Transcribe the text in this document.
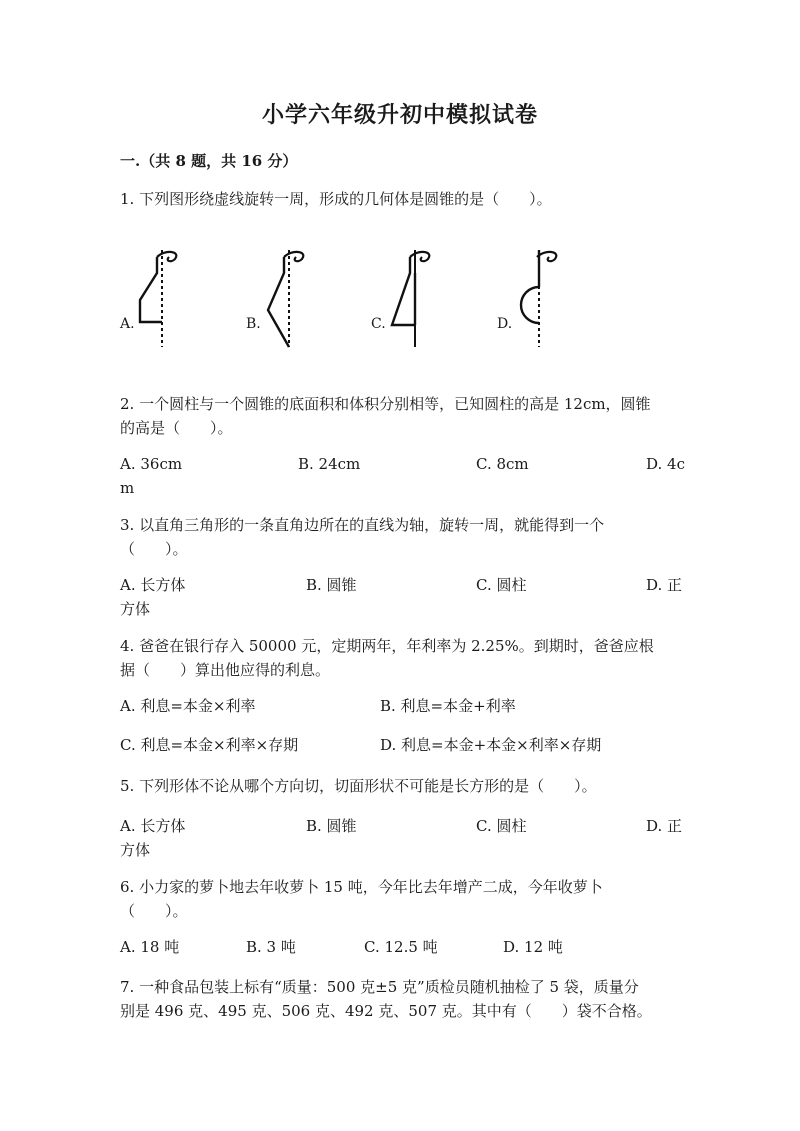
小学六年级升初中模拟试卷
一.（共 8 题，共 16 分）
1. 下列图形绕虚线旋转一周，形成的几何体是圆锥的是（　　）。
A.	B.	C.	D.
2. 一个圆柱与一个圆锥的底面积和体积分别相等，已知圆柱的高是 12cm，圆锥
的高是（　　）。
A. 36cm	B. 24cm	C. 8cm	D. 4c
m
3. 以直角三角形的一条直角边所在的直线为轴，旋转一周，就能得到一个
（　　）。
A. 长方体	B. 圆锥	C. 圆柱	D. 正
方体
4. 爸爸在银行存入 50000 元，定期两年，年利率为 2.25%。到期时，爸爸应根
据（　　）算出他应得的利息。
A. 利息=本金×利率	B. 利息=本金+利率
C. 利息=本金×利率×存期	D. 利息=本金+本金×利率×存期
5. 下列形体不论从哪个方向切，切面形状不可能是长方形的是（　　）。
A. 长方体	B. 圆锥	C. 圆柱	D. 正
方体
6. 小力家的萝卜地去年收萝卜 15 吨，今年比去年增产二成，今年收萝卜
（　　）。
A. 18 吨	B. 3 吨	C. 12.5 吨	D. 12 吨
7. 一种食品包装上标有“质量：500 克±5 克”质检员随机抽检了 5 袋，质量分
别是 496 克、495 克、506 克、492 克、507 克。其中有（　　）袋不合格。
